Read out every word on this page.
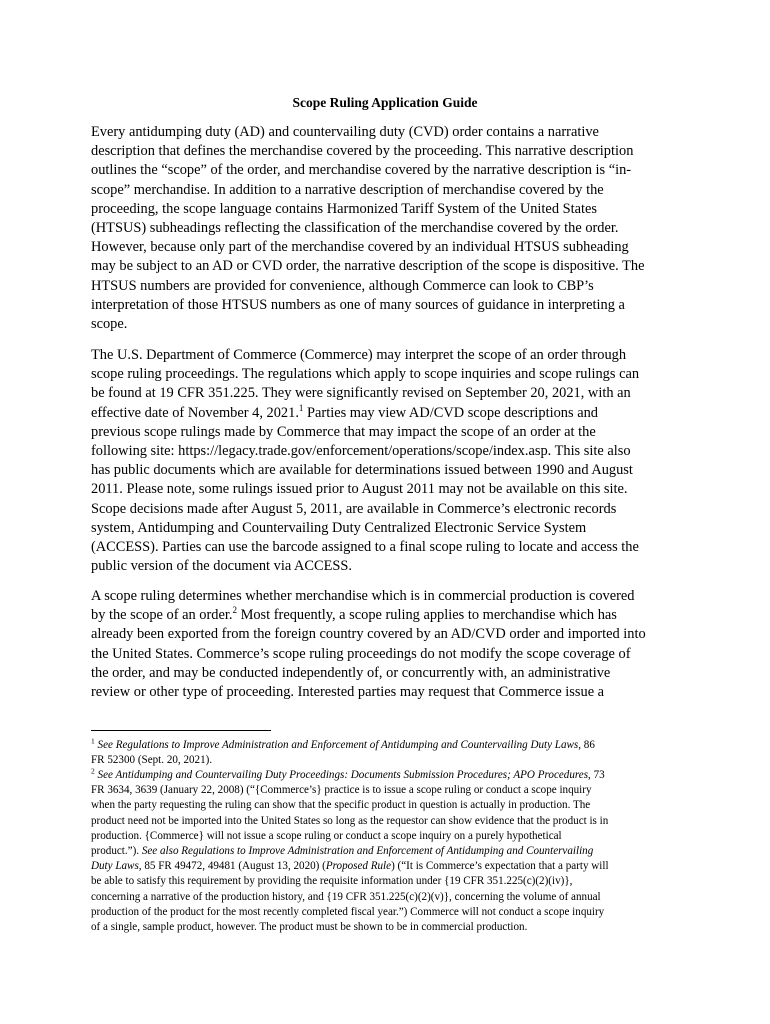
Scope Ruling Application Guide
Every antidumping duty (AD) and countervailing duty (CVD) order contains a narrative
description that defines the merchandise covered by the proceeding. This narrative description
outlines the “scope” of the order, and merchandise covered by the narrative description is “in-
scope” merchandise. In addition to a narrative description of merchandise covered by the
proceeding, the scope language contains Harmonized Tariff System of the United States
(HTSUS) subheadings reflecting the classification of the merchandise covered by the order.
However, because only part of the merchandise covered by an individual HTSUS subheading
may be subject to an AD or CVD order, the narrative description of the scope is dispositive. The
HTSUS numbers are provided for convenience, although Commerce can look to CBP’s
interpretation of those HTSUS numbers as one of many sources of guidance in interpreting a
scope.
The U.S. Department of Commerce (Commerce) may interpret the scope of an order through
scope ruling proceedings. The regulations which apply to scope inquiries and scope rulings can
be found at 19 CFR 351.225. They were significantly revised on September 20, 2021, with an
effective date of November 4, 2021.$^1$ Parties may view AD/CVD scope descriptions and
previous scope rulings made by Commerce that may impact the scope of an order at the
following site: https://legacy.trade.gov/enforcement/operations/scope/index.asp. This site also
has public documents which are available for determinations issued between 1990 and August
2011. Please note, some rulings issued prior to August 2011 may not be available on this site.
Scope decisions made after August 5, 2011, are available in Commerce’s electronic records
system, Antidumping and Countervailing Duty Centralized Electronic Service System
(ACCESS). Parties can use the barcode assigned to a final scope ruling to locate and access the
public version of the document via ACCESS.
A scope ruling determines whether merchandise which is in commercial production is covered
by the scope of an order.$^2$ Most frequently, a scope ruling applies to merchandise which has
already been exported from the foreign country covered by an AD/CVD order and imported into
the United States. Commerce’s scope ruling proceedings do not modify the scope coverage of
the order, and may be conducted independently of, or concurrently with, an administrative
review or other type of proceeding. Interested parties may request that Commerce issue a
$^1$ See Regulations to Improve Administration and Enforcement of Antidumping and Countervailing Duty Laws, 86
FR 52300 (Sept. 20, 2021).
$^2$ See Antidumping and Countervailing Duty Proceedings: Documents Submission Procedures; APO Procedures, 73
FR 3634, 3639 (January 22, 2008) (“{Commerce’s} practice is to issue a scope ruling or conduct a scope inquiry
when the party requesting the ruling can show that the specific product in question is actually in production. The
product need not be imported into the United States so long as the requestor can show evidence that the product is in
production. {Commerce} will not issue a scope ruling or conduct a scope inquiry on a purely hypothetical
product.”). See also Regulations to Improve Administration and Enforcement of Antidumping and Countervailing
Duty Laws, 85 FR 49472, 49481 (August 13, 2020) (Proposed Rule) (“It is Commerce’s expectation that a party will
be able to satisfy this requirement by providing the requisite information under {19 CFR 351.225(c)(2)(iv)},
concerning a narrative of the production history, and {19 CFR 351.225(c)(2)(v)}, concerning the volume of annual
production of the product for the most recently completed fiscal year.”) Commerce will not conduct a scope inquiry
of a single, sample product, however. The product must be shown to be in commercial production.
